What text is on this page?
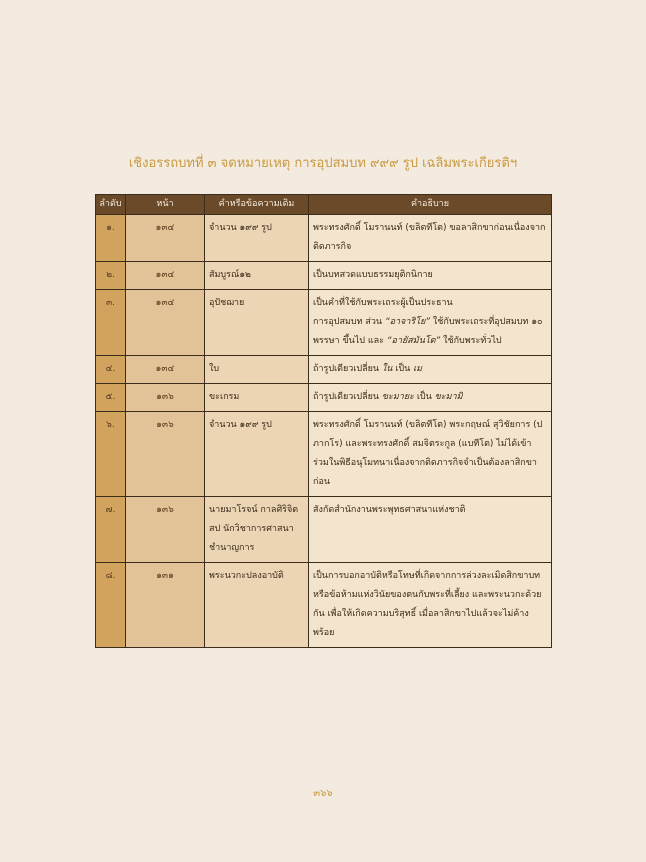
เชิงอรรถบทที่ ๓ จดหมายเหตุ การอุปสมบท ๙๙๙ รูป เฉลิมพระเกียรติฯ
ลำดับ	หน้า	คำหรือข้อความเดิม	คำอธิบาย
๑.	๑๓๔	จำนวน ๑๙๙ รูป	พระทรงศักดิ์ โมรานนท์ (ขลิตทีโต) ขอลาสิกขาก่อนเนื่องจากติดภารกิจ
๒.	๑๓๔	สัมบูรณ์๑๒	เป็นบทสวดแบบธรรมยุติกนิกาย
๓.	๑๓๔	อุปัชฌาย	เป็นคำที่ใช้กับพระเถระผู้เป็นประธาน
การอุปสมบท ส่วน “อาจาริโย” ใช้กับพระเถระที่อุปสมบท ๑๐
พรรษา ขึ้นไป และ “อายัสมันโต” ใช้กับพระทั่วไป

๔.	๑๓๔	ใบ	ถ้ารูปเดียวเปลี่ยน ใน เป็น เม
๕.	๑๓๖	ขะเกรม	ถ้ารูปเดียวเปลี่ยน ขะมายะ เป็น ขะมามิ
๖.	๑๓๖	จำนวน ๑๙๙ รูป	พระทรงศักดิ์ โมรานนท์ (ขลิตทีโต) พระกฤษณ์ สุวิชัยการ (ปภากโร) และพระทรงศักดิ์ สมจิตระกูล (แบทีโต) ไม่ได้เข้าร่วมในพิธีอนุโมทนาเนื่องจากติดภารกิจจำเป็นต้องลาสิกขาก่อน
๗.	๑๓๖	นายมาโรจน์ กาลศิริจิตสป นักวิชาการศาสนา ชำนาญการ	สังกัดสำนักงานพระพุทธศาสนาแห่งชาติ
๘.	๑๓๑	พระนวกะปลงอาบัติ	เป็นการบอกอาบัติหรือโทษที่เกิดจากการล่วงละเมิดสิกขาบทหรือข้อห้ามแห่งวินัยของตนกับพระที่เลี้ยง และพระนวกะด้วยกัน เพื่อให้เกิดความบริสุทธิ์ เมื่อลาสิกขาไปแล้วจะไม่ค้างพร้อย
๓๖๖
